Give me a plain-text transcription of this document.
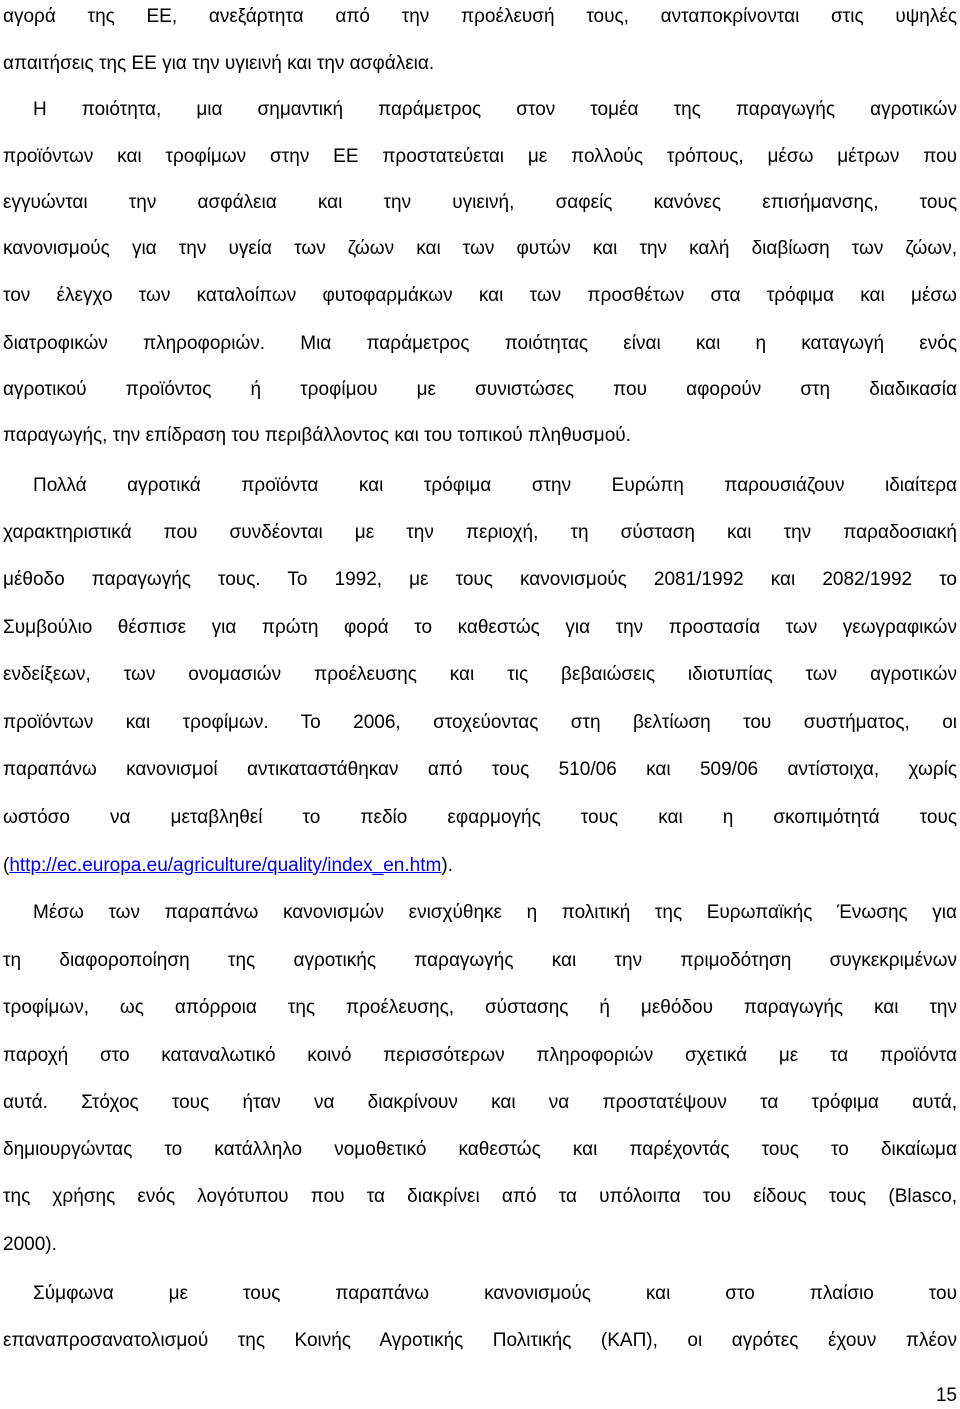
αγορά της ΕΕ, ανεξάρτητα από την προέλευσή τους, ανταποκρίνονται στις υψηλές
απαιτήσεις της ΕΕ για την υγιεινή και την ασφάλεια.
Η ποιότητα, μια σημαντική παράμετρος στον τομέα της παραγωγής αγροτικών
προϊόντων και τροφίμων στην ΕΕ προστατεύεται με πολλούς τρόπους, μέσω μέτρων που
εγγυώνται την ασφάλεια και την υγιεινή, σαφείς κανόνες επισήμανσης, τους
κανονισμούς για την υγεία των ζώων και των φυτών και την καλή διαβίωση των ζώων,
τον έλεγχο των καταλοίπων φυτοφαρμάκων και των προσθέτων στα τρόφιμα και μέσω
διατροφικών πληροφοριών. Μια παράμετρος ποιότητας είναι και η καταγωγή ενός
αγροτικού προϊόντος ή τροφίμου με συνιστώσες που αφορούν στη διαδικασία
παραγωγής, την επίδραση του περιβάλλοντος και του τοπικού πληθυσμού.
Πολλά αγροτικά προϊόντα και τρόφιμα στην Ευρώπη παρουσιάζουν ιδιαίτερα
χαρακτηριστικά που συνδέονται με την περιοχή, τη σύσταση και την παραδοσιακή
μέθοδο παραγωγής τους. Το 1992, με τους κανονισμούς 2081/1992 και 2082/1992 το
Συμβούλιο θέσπισε για πρώτη φορά το καθεστώς για την προστασία των γεωγραφικών
ενδείξεων, των ονομασιών προέλευσης και τις βεβαιώσεις ιδιοτυπίας των αγροτικών
προϊόντων και τροφίμων. Το 2006, στοχεύοντας στη βελτίωση του συστήματος, οι
παραπάνω κανονισμοί αντικαταστάθηκαν από τους 510/06 και 509/06 αντίστοιχα, χωρίς
ωστόσο να μεταβληθεί το πεδίο εφαρμογής τους και η σκοπιμότητά τους
(http://ec.europa.eu/agriculture/quality/index_en.htm).
Μέσω των παραπάνω κανονισμών ενισχύθηκε η πολιτική της Ευρωπαϊκής Ένωσης για
τη διαφοροποίηση της αγροτικής παραγωγής και την πριμοδότηση συγκεκριμένων
τροφίμων, ως απόρροια της προέλευσης, σύστασης ή μεθόδου παραγωγής και την
παροχή στο καταναλωτικό κοινό περισσότερων πληροφοριών σχετικά με τα προϊόντα
αυτά. Στόχος τους ήταν να διακρίνουν και να προστατέψουν τα τρόφιμα αυτά,
δημιουργώντας το κατάλληλο νομοθετικό καθεστώς και παρέχοντάς τους το δικαίωμα
της χρήσης ενός λογότυπου που τα διακρίνει από τα υπόλοιπα του είδους τους (Blasco,
2000).
Σύμφωνα με τους παραπάνω κανονισμούς και στο πλαίσιο του
επαναπροσανατολισμού της Κοινής Αγροτικής Πολιτικής (ΚΑΠ), οι αγρότες έχουν πλέον
15
